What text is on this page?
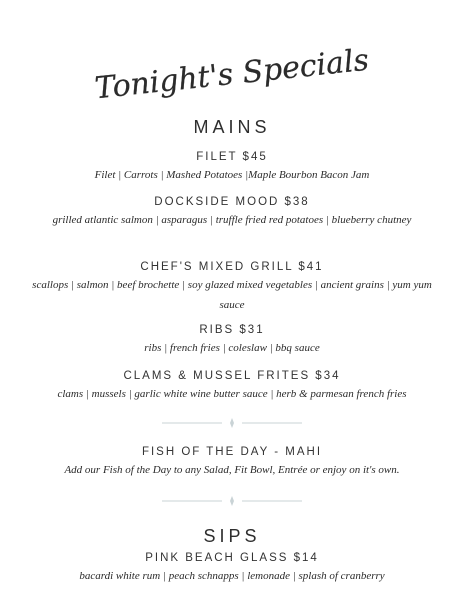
Tonight's Specials
MAINS
FILET $45
Filet | Carrots | Mashed Potatoes |Maple Bourbon Bacon Jam
DOCKSIDE MOOD $38
grilled atlantic salmon | asparagus | truffle fried red potatoes | blueberry chutney
CHEF'S MIXED GRILL $41
scallops | salmon | beef brochette | soy glazed mixed vegetables | ancient grains | yum yum sauce
RIBS $31
ribs | french fries | coleslaw | bbq sauce
CLAMS & MUSSEL FRITES $34
clams | mussels | garlic white wine butter sauce | herb & parmesan french fries
FISH OF THE DAY - MAHI
Add our Fish of the Day to any Salad, Fit Bowl, Entrée or enjoy on it's own.
SIPS
PINK BEACH GLASS $14
bacardi white rum | peach schnapps | lemonade | splash of cranberry
